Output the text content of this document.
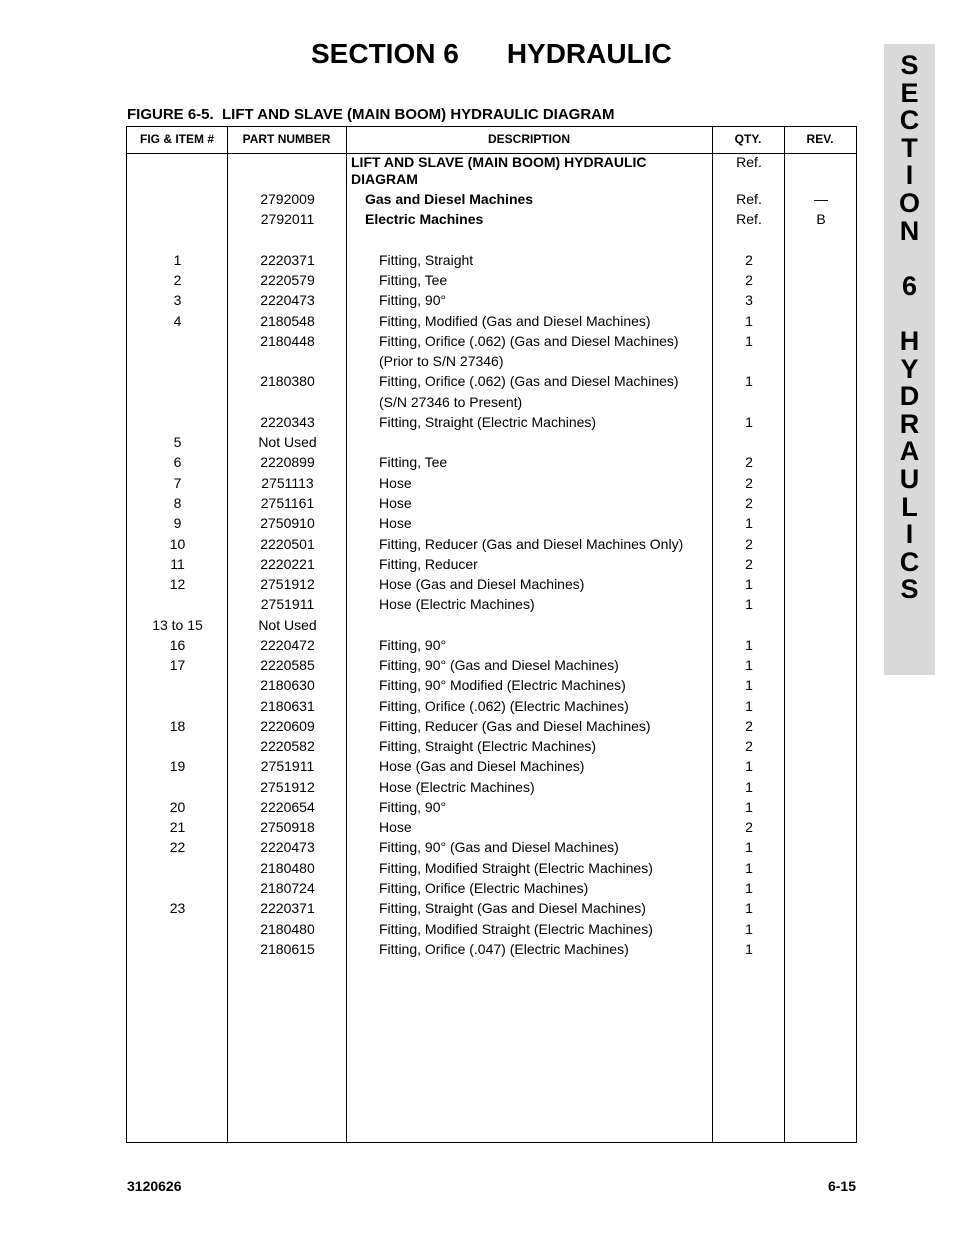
SECTION 6 HYDRAULIC
FIGURE 6-5.  LIFT AND SLAVE (MAIN BOOM) HYDRAULIC DIAGRAM
S
E
C
T
I
O
N
6
H
Y
D
R
A
U
L
I
C
S
FIG & ITEM #	PART NUMBER	DESCRIPTION	QTY.	REV.
LIFT AND SLAVE (MAIN BOOM) HYDRAULIC	Ref.
DIAGRAM
2792009	Gas and Diesel Machines	Ref.	—
2792011	Electric Machines	Ref.	B
1	2220371	Fitting, Straight	2
2	2220579	Fitting, Tee	2
3	2220473	Fitting, 90°	3
4	2180548	Fitting, Modified (Gas and Diesel Machines)	1
2180448	Fitting, Orifice (.062) (Gas and Diesel Machines)	1
(Prior to S/N 27346)
2180380	Fitting, Orifice (.062) (Gas and Diesel Machines)	1
(S/N 27346 to Present)
2220343	Fitting, Straight (Electric Machines)	1
5	Not Used
6	2220899	Fitting, Tee	2
7	2751113	Hose	2
8	2751161	Hose	2
9	2750910	Hose	1
10	2220501	Fitting, Reducer (Gas and Diesel Machines Only)	2
11	2220221	Fitting, Reducer	2
12	2751912	Hose (Gas and Diesel Machines)	1
2751911	Hose (Electric Machines)	1
13 to 15	Not Used
16	2220472	Fitting, 90°	1
17	2220585	Fitting, 90° (Gas and Diesel Machines)	1
2180630	Fitting, 90° Modified (Electric Machines)	1
2180631	Fitting, Orifice (.062) (Electric Machines)	1
18	2220609	Fitting, Reducer (Gas and Diesel Machines)	2
2220582	Fitting, Straight (Electric Machines)	2
19	2751911	Hose (Gas and Diesel Machines)	1
2751912	Hose (Electric Machines)	1
20	2220654	Fitting, 90°	1
21	2750918	Hose	2
22	2220473	Fitting, 90° (Gas and Diesel Machines)	1
2180480	Fitting, Modified Straight (Electric Machines)	1
2180724	Fitting, Orifice (Electric Machines)	1
23	2220371	Fitting, Straight (Gas and Diesel Machines)	1
2180480	Fitting, Modified Straight (Electric Machines)	1
2180615	Fitting, Orifice (.047) (Electric Machines)	1
3120626	6-15
